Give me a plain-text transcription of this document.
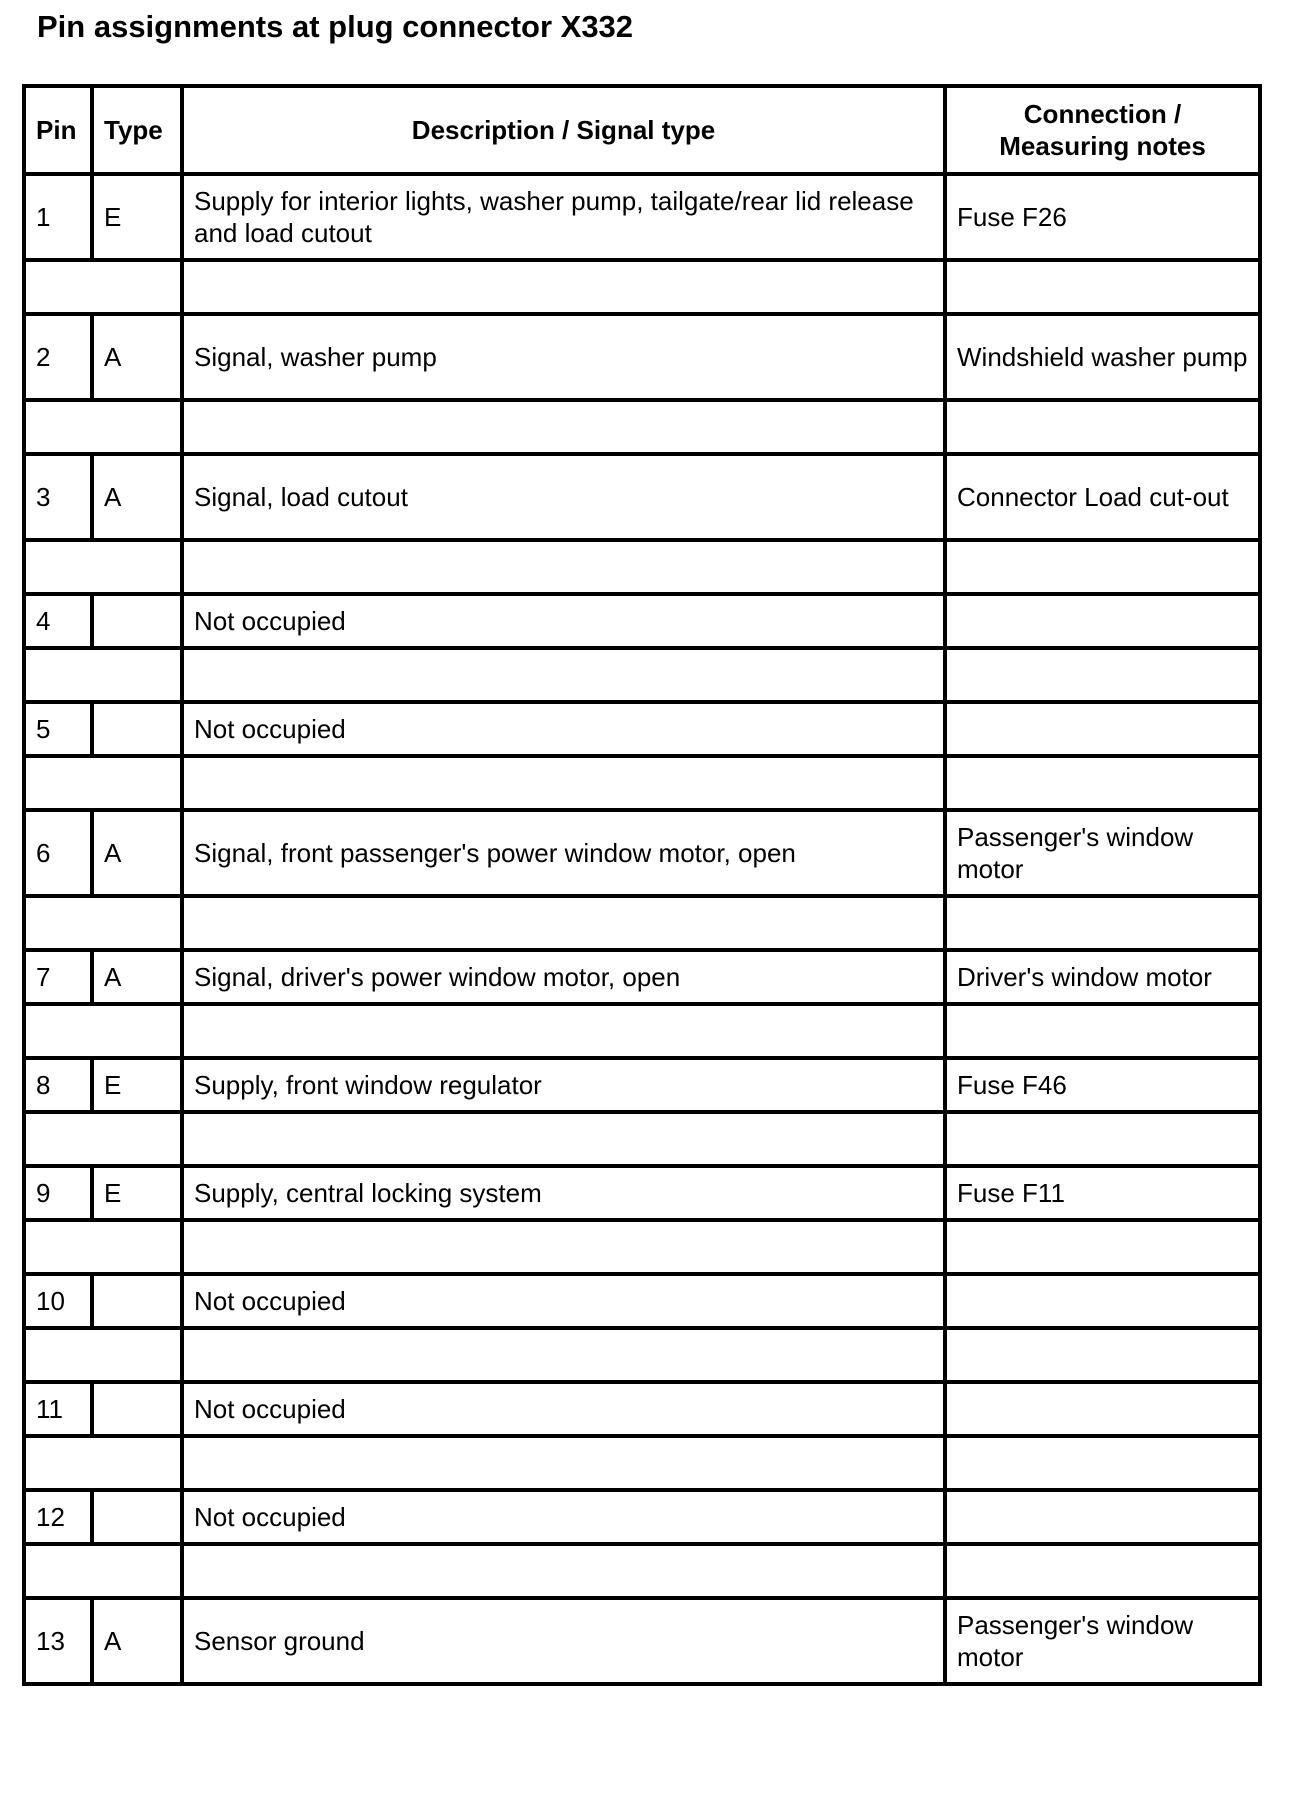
Pin assignments at plug connector X332
Pin	Type	Description / Signal type	Connection / Measuring notes
1	E	Supply for interior lights, washer pump, tailgate/rear lid release and load cutout	Fuse F26

2	A	Signal, washer pump	Windshield washer pump

3	A	Signal, load cutout	Connector Load cut-out

4		Not occupied	

5		Not occupied	

6	A	Signal, front passenger's power window motor, open	Passenger's window motor

7	A	Signal, driver's power window motor, open	Driver's window motor

8	E	Supply, front window regulator	Fuse F46

9	E	Supply, central locking system	Fuse F11

10		Not occupied	

11		Not occupied	

12		Not occupied	

13	A	Sensor ground	Passenger's window motor
